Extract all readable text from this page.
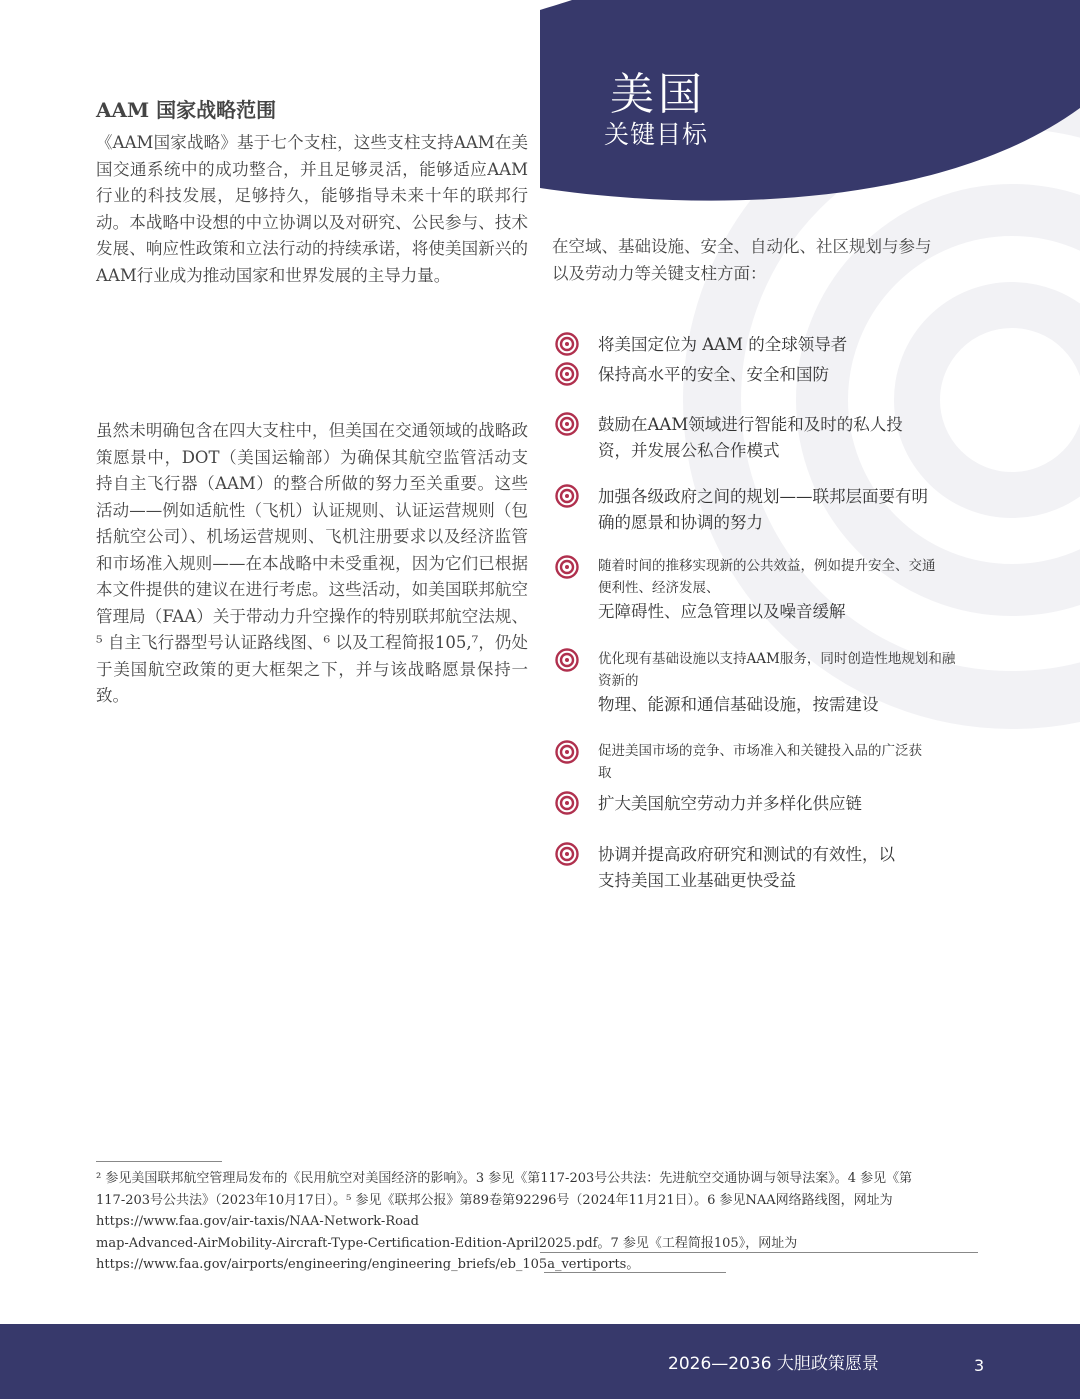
美国
关键目标
AAM 国家战略范围

《AAM国家战略》基于七个支柱，这些支柱支持AAM在美国交通系统中的成功整合，并且足够灵活，能够适应AAM行业的科技发展，足够持久，能够指导未来十年的联邦行动。本战略中设想的中立协调以及对研究、公民参与、技术发展、响应性政策和立法行动的持续承诺，将使美国新兴的AAM行业成为推动国家和世界发展的主导力量。

虽然未明确包含在四大支柱中，但美国在交通领域的战略政策愿景中，DOT（美国运输部）为确保其航空监管活动支持自主飞行器（AAM）的整合所做的努力至关重要。这些活动——例如适航性（飞机）认证规则、认证运营规则（包括航空公司）、机场运营规则、飞机注册要求以及经济监管和市场准入规则——在本战略中未受重视，因为它们已根据本文件提供的建议在进行考虑。这些活动，如美国联邦航空管理局（FAA）关于带动力升空操作的特别联邦航空法规、⁵ 自主飞行器型号认证路线图、⁶ 以及工程简报105,⁷，仍处于美国航空政策的更大框架之下，并与该战略愿景保持一致。

在空域、基础设施、安全、自动化、社区规划与参与以及劳动力等关键支柱方面：
将美国定位为 AAM 的全球领导者
保持高水平的安全、安全和国防
鼓励在AAM领域进行智能和及时的私人投资，并发展公私合作模式
加强各级政府之间的规划——联邦层面要有明确的愿景和协调的努力
随着时间的推移实现新的公共效益，例如提升安全、交通便利性、经济发展、
无障碍性、应急管理以及噪音缓解
优化现有基础设施以支持AAM服务，同时创造性地规划和融资新的
物理、能源和通信基础设施，按需建设
促进美国市场的竞争、市场准入和关键投入品的广泛获取
扩大美国航空劳动力并多样化供应链
协调并提高政府研究和测试的有效性，以支持美国工业基础更快受益
² 参见美国联邦航空管理局发布的《民用航空对美国经济的影响》。3 参见《第117-203号公共法：先进航空交通协调与领导法案》。4 参见《第
117-203号公共法》（2023年10月17日）。⁵ 参见《联邦公报》第89卷第92296号（2024年11月21日）。6 参见NAA网络路线图，网址为
https://www.faa.gov/air-taxis/NAA-Network-Road
map-Advanced-AirMobility-Aircraft-Type-Certification-Edition-April2025.pdf。7 参见《工程简报105》，网址为
https://www.faa.gov/airports/engineering/engineering_briefs/eb_105a_vertiports。
2026—2036 大胆政策愿景	3
